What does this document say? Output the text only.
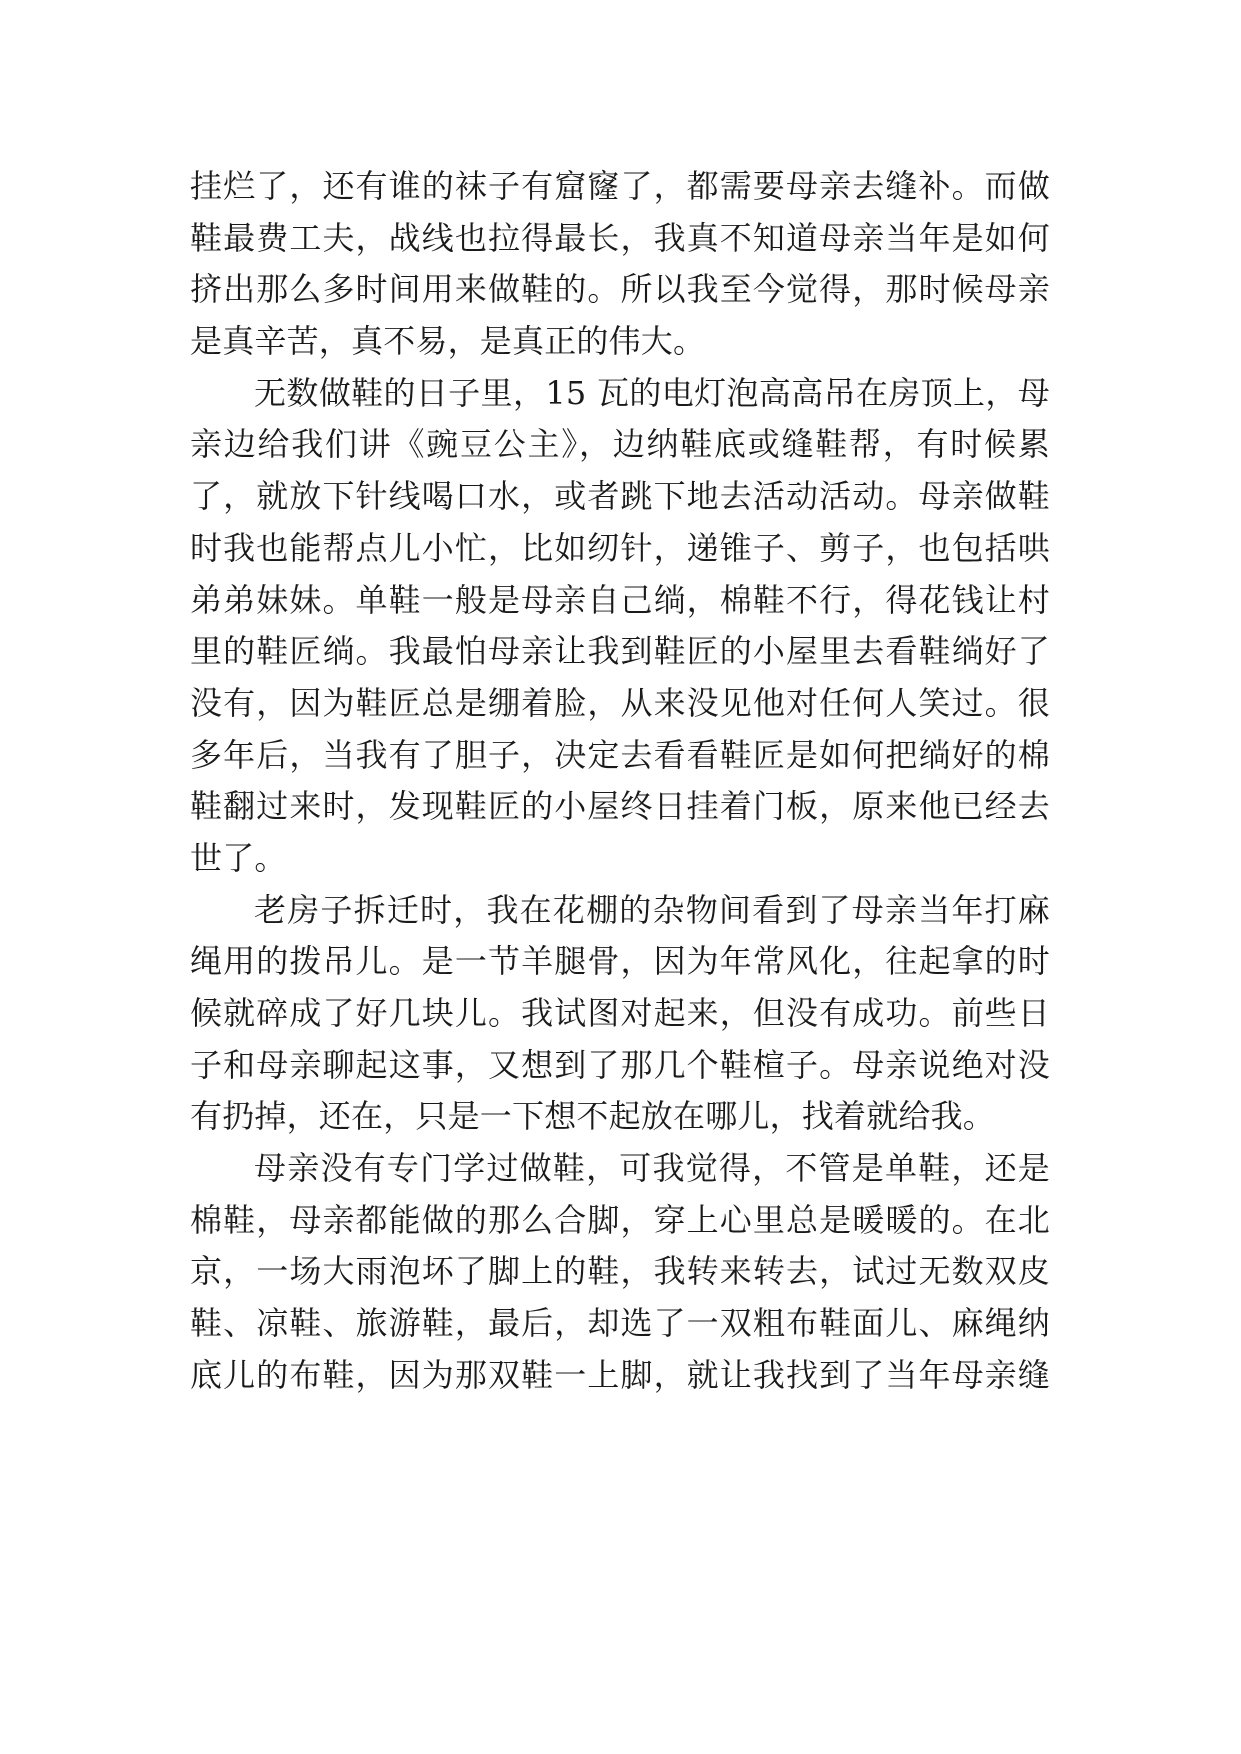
挂烂了，还有谁的袜子有窟窿了，都需要母亲去缝补。而做
鞋最费工夫，战线也拉得最长，我真不知道母亲当年是如何
挤出那么多时间用来做鞋的。所以我至今觉得，那时候母亲
是真辛苦，真不易，是真正的伟大。
无数做鞋的日子里，15 瓦的电灯泡高高吊在房顶上，母
亲边给我们讲《豌豆公主》，边纳鞋底或缝鞋帮，有时候累
了，就放下针线喝口水，或者跳下地去活动活动。母亲做鞋
时我也能帮点儿小忙，比如纫针，递锥子、剪子，也包括哄
弟弟妹妹。单鞋一般是母亲自己绱，棉鞋不行，得花钱让村
里的鞋匠绱。我最怕母亲让我到鞋匠的小屋里去看鞋绱好了
没有，因为鞋匠总是绷着脸，从来没见他对任何人笑过。很
多年后，当我有了胆子，决定去看看鞋匠是如何把绱好的棉
鞋翻过来时，发现鞋匠的小屋终日挂着门板，原来他已经去
世了。
老房子拆迁时，我在花棚的杂物间看到了母亲当年打麻
绳用的拨吊儿。是一节羊腿骨，因为年常风化，往起拿的时
候就碎成了好几块儿。我试图对起来，但没有成功。前些日
子和母亲聊起这事，又想到了那几个鞋楦子。母亲说绝对没
有扔掉，还在，只是一下想不起放在哪儿，找着就给我。
母亲没有专门学过做鞋，可我觉得，不管是单鞋，还是
棉鞋，母亲都能做的那么合脚，穿上心里总是暖暖的。在北
京，一场大雨泡坏了脚上的鞋，我转来转去，试过无数双皮
鞋、凉鞋、旅游鞋，最后，却选了一双粗布鞋面儿、麻绳纳
底儿的布鞋，因为那双鞋一上脚，就让我找到了当年母亲缝
